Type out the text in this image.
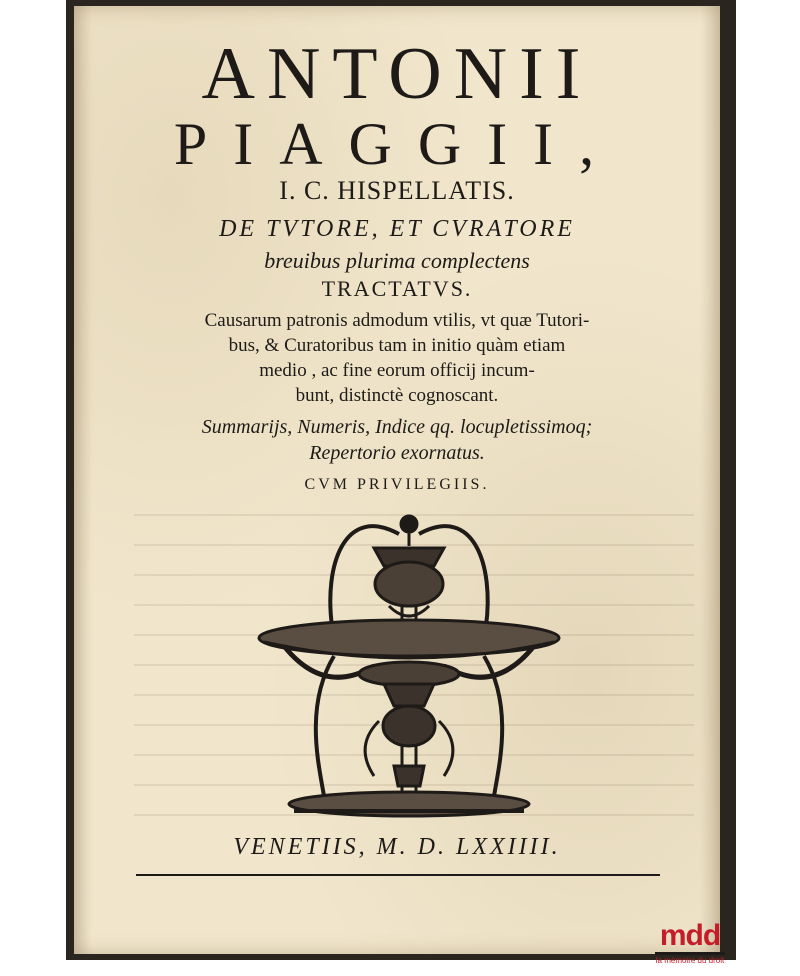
ANTONII
PIAGGII,
I. C. HISPELLATIS.
DE TVTORE, ET CVRATORE
breuibus plurima complectens
TRACTATVS.
Causarum patronis admodum vtilis, vt quæ Tutori-
bus, & Curatoribus tam in initio quàm etiam
medio , ac fine eorum officij incum-
bunt, distinctè cognoscant.
Summarijs, Numeris, Indice qq. locupletissimoq;
Repertorio exornatus.
CVM PRIVILEGIIS.
VENETIIS, M. D. LXXIIII.
mdd
la mémoire du droit
